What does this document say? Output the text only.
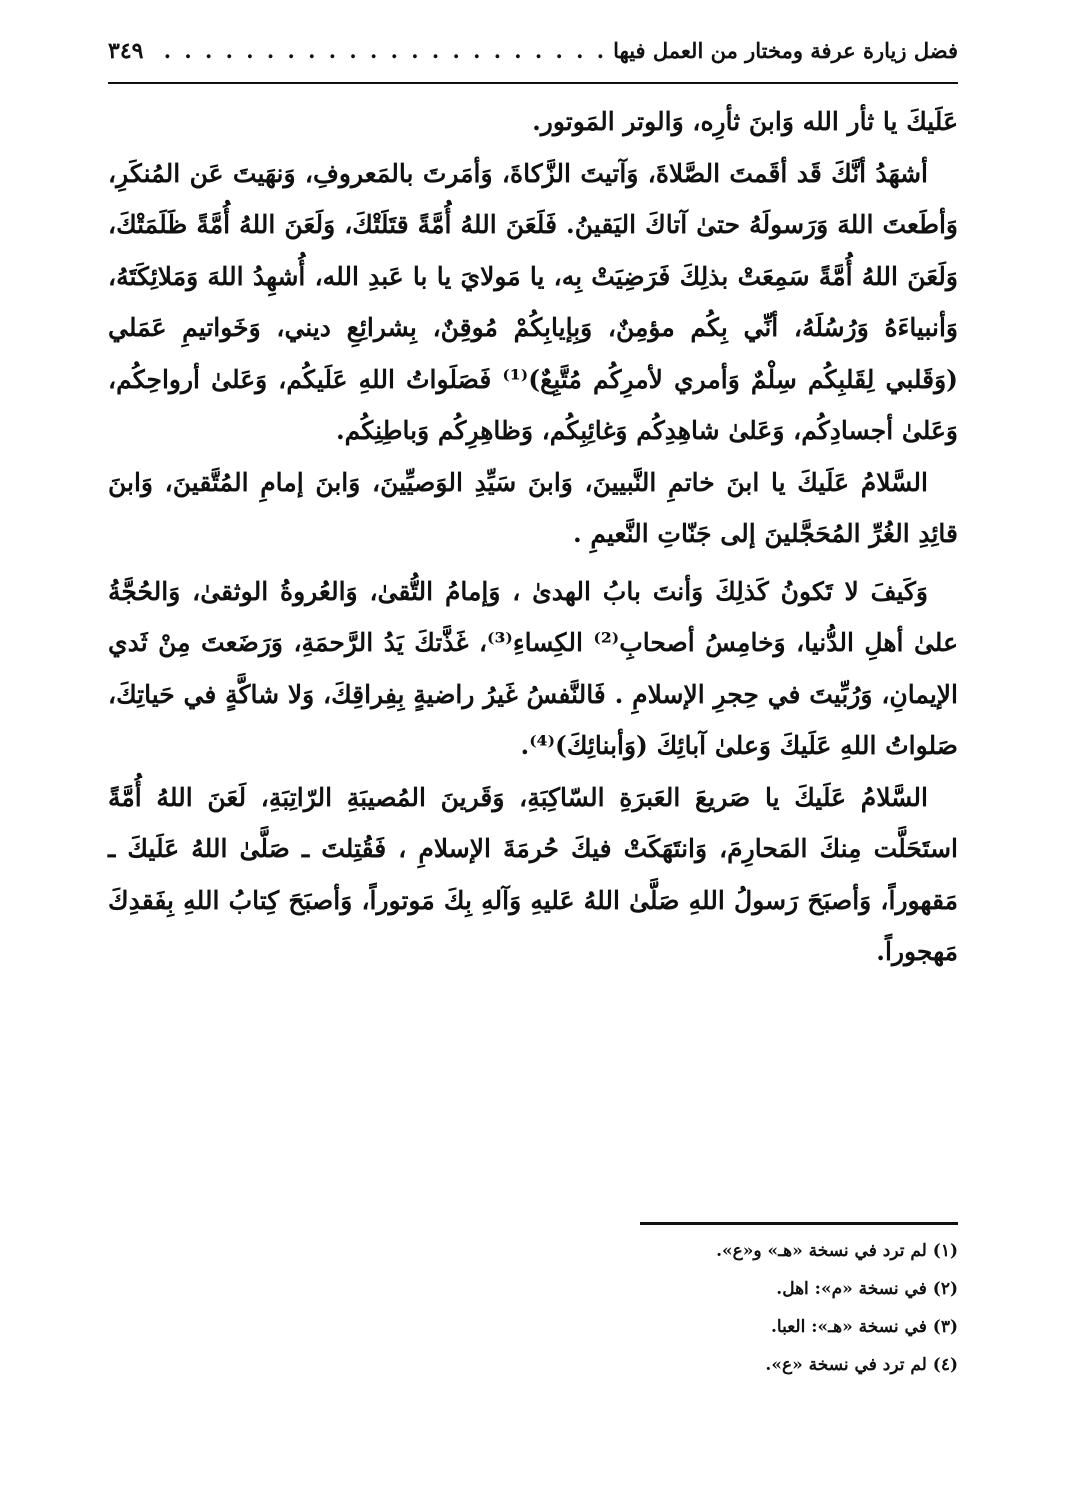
فضل زيارة عرفة ومختار من العمل فيها
. . .
٣٤٩

عَلَيكَ يا ثأر الله وَابنَ ثأرِه، وَالوتر المَوتور.

أشهَدُ أنَّكَ قَد أقَمتَ الصَّلاةَ، وَآتيتَ الزَّكاةَ، وَأمَرتَ بالمَعروفِ، وَنهَيتَ عَن المُنكَرِ، وَأطَعتَ اللهَ وَرَسولَهُ حتىٰ آتاكَ اليَقينُ. فَلَعَنَ اللهُ أُمَّةً قتَلَتْكَ، وَلَعَنَ اللهُ أُمَّةً ظَلَمَتْكَ، وَلَعَنَ اللهُ أُمَّةً سَمِعَتْ بذلِكَ فَرَضِيَتْ بِه، يا مَولايَ يا با عَبدِ الله، أُشهِدُ اللهَ وَمَلائِكَتَهُ، وَأنبياءَهُ وَرُسُلَهُ، أنِّي بِكُم مؤمِنٌ، وَبِإيابِكُمْ مُوقِنٌ، بِشرائِعِ ديني، وَخَواتيمِ عَمَلي (وَقَلبي لِقَلبِكُم سِلْمٌ وَأمري لأمرِكُم مُتَّبِعٌ)⁽¹⁾ فَصَلَواتُ اللهِ عَلَيكُم، وَعَلىٰ أرواحِكُم، وَعَلىٰ أجسادِكُم، وَعَلىٰ شاهِدِكُم وَغائِبِكُم، وَظاهِرِكُم وَباطِنِكُم.

السَّلامُ عَلَيكَ يا ابنَ خاتمِ النَّبيينَ، وَابنَ سَيِّدِ الوَصيِّينَ، وَابنَ إمامِ المُتَّقينَ، وَابنَ قائِدِ الغُرِّ المُحَجَّلينَ إلى جَنّاتِ النَّعيمِ .

وَكَيفَ لا تَكونُ كَذلِكَ وَأنتَ بابُ الهدىٰ ، وَإمامُ التُّقىٰ، وَالعُروةُ الوثقىٰ، وَالحُجَّةُ علىٰ أهلِ الدُّنيا، وَخامِسُ أصحابِ⁽²⁾ الكِساءِ⁽³⁾، غَذَّتكَ يَدُ الرَّحمَةِ، وَرَضَعتَ مِنْ ثَدي الإيمانِ، وَرُبِّيتَ في حِجرِ الإسلامِ . فَالنَّفسُ غَيرُ راضيةٍ بِفِراقِكَ، وَلا شاكَّةٍ في حَياتِكَ، صَلواتُ اللهِ عَلَيكَ وَعلىٰ آبائِكَ (وَأبنائِكَ)⁽⁴⁾.

السَّلامُ عَلَيكَ يا صَريعَ العَبرَةِ السّاكِبَةِ، وَقَرينَ المُصيبَةِ الرّاتِبَةِ، لَعَنَ اللهُ أُمَّةً استَحَلَّت مِنكَ المَحارِمَ، وَانتَهَكَتْ فيكَ حُرمَةَ الإسلامِ ، فَقُتِلتَ ـ صَلَّىٰ اللهُ عَلَيكَ ـ مَقهوراً، وَأصبَحَ رَسولُ اللهِ صَلَّىٰ اللهُ عَليهِ وَآلهِ بِكَ مَوتوراً، وَأصبَحَ كِتابُ اللهِ بِفَقدِكَ مَهجوراً.

(١) لم ترد في نسخة «هـ» و«ع».
(٢) في نسخة «م»: اهل.
(٣) في نسخة «هـ»: العبا.
(٤) لم ترد في نسخة «ع».
